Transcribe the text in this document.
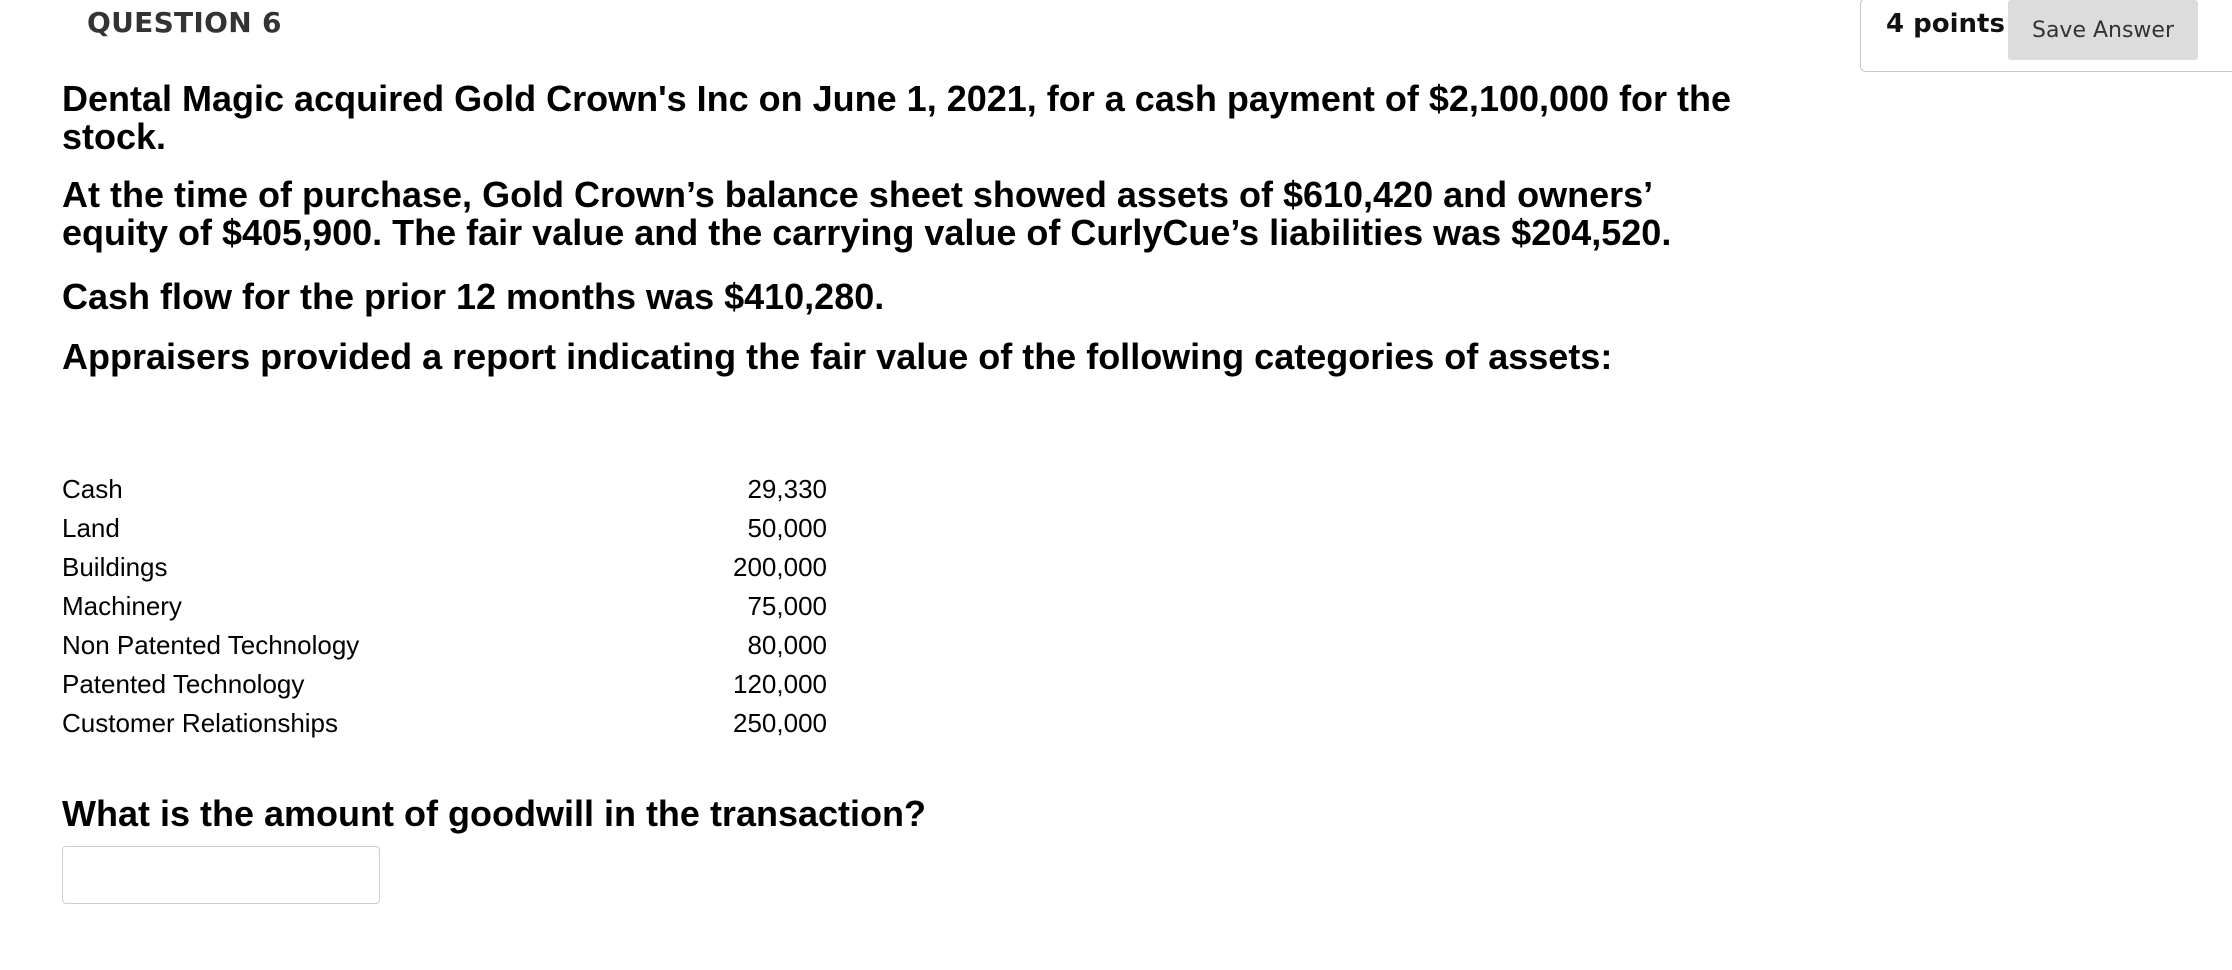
QUESTION 6	4 points	Save Answer

Dental Magic acquired Gold Crown's Inc on June 1, 2021, for a cash payment of $2,100,000 for the stock.

At the time of purchase, Gold Crown’s balance sheet showed assets of $610,420 and owners’ equity of $405,900. The fair value and the carrying value of CurlyCue’s liabilities was $204,520.

Cash flow for the prior 12 months was $410,280.

Appraisers provided a report indicating the fair value of the following categories of assets:

Cash	29,330
Land	50,000
Buildings	200,000
Machinery	75,000
Non Patented Technology	80,000
Patented Technology	120,000
Customer Relationships	250,000
What is the amount of goodwill in the transaction?
